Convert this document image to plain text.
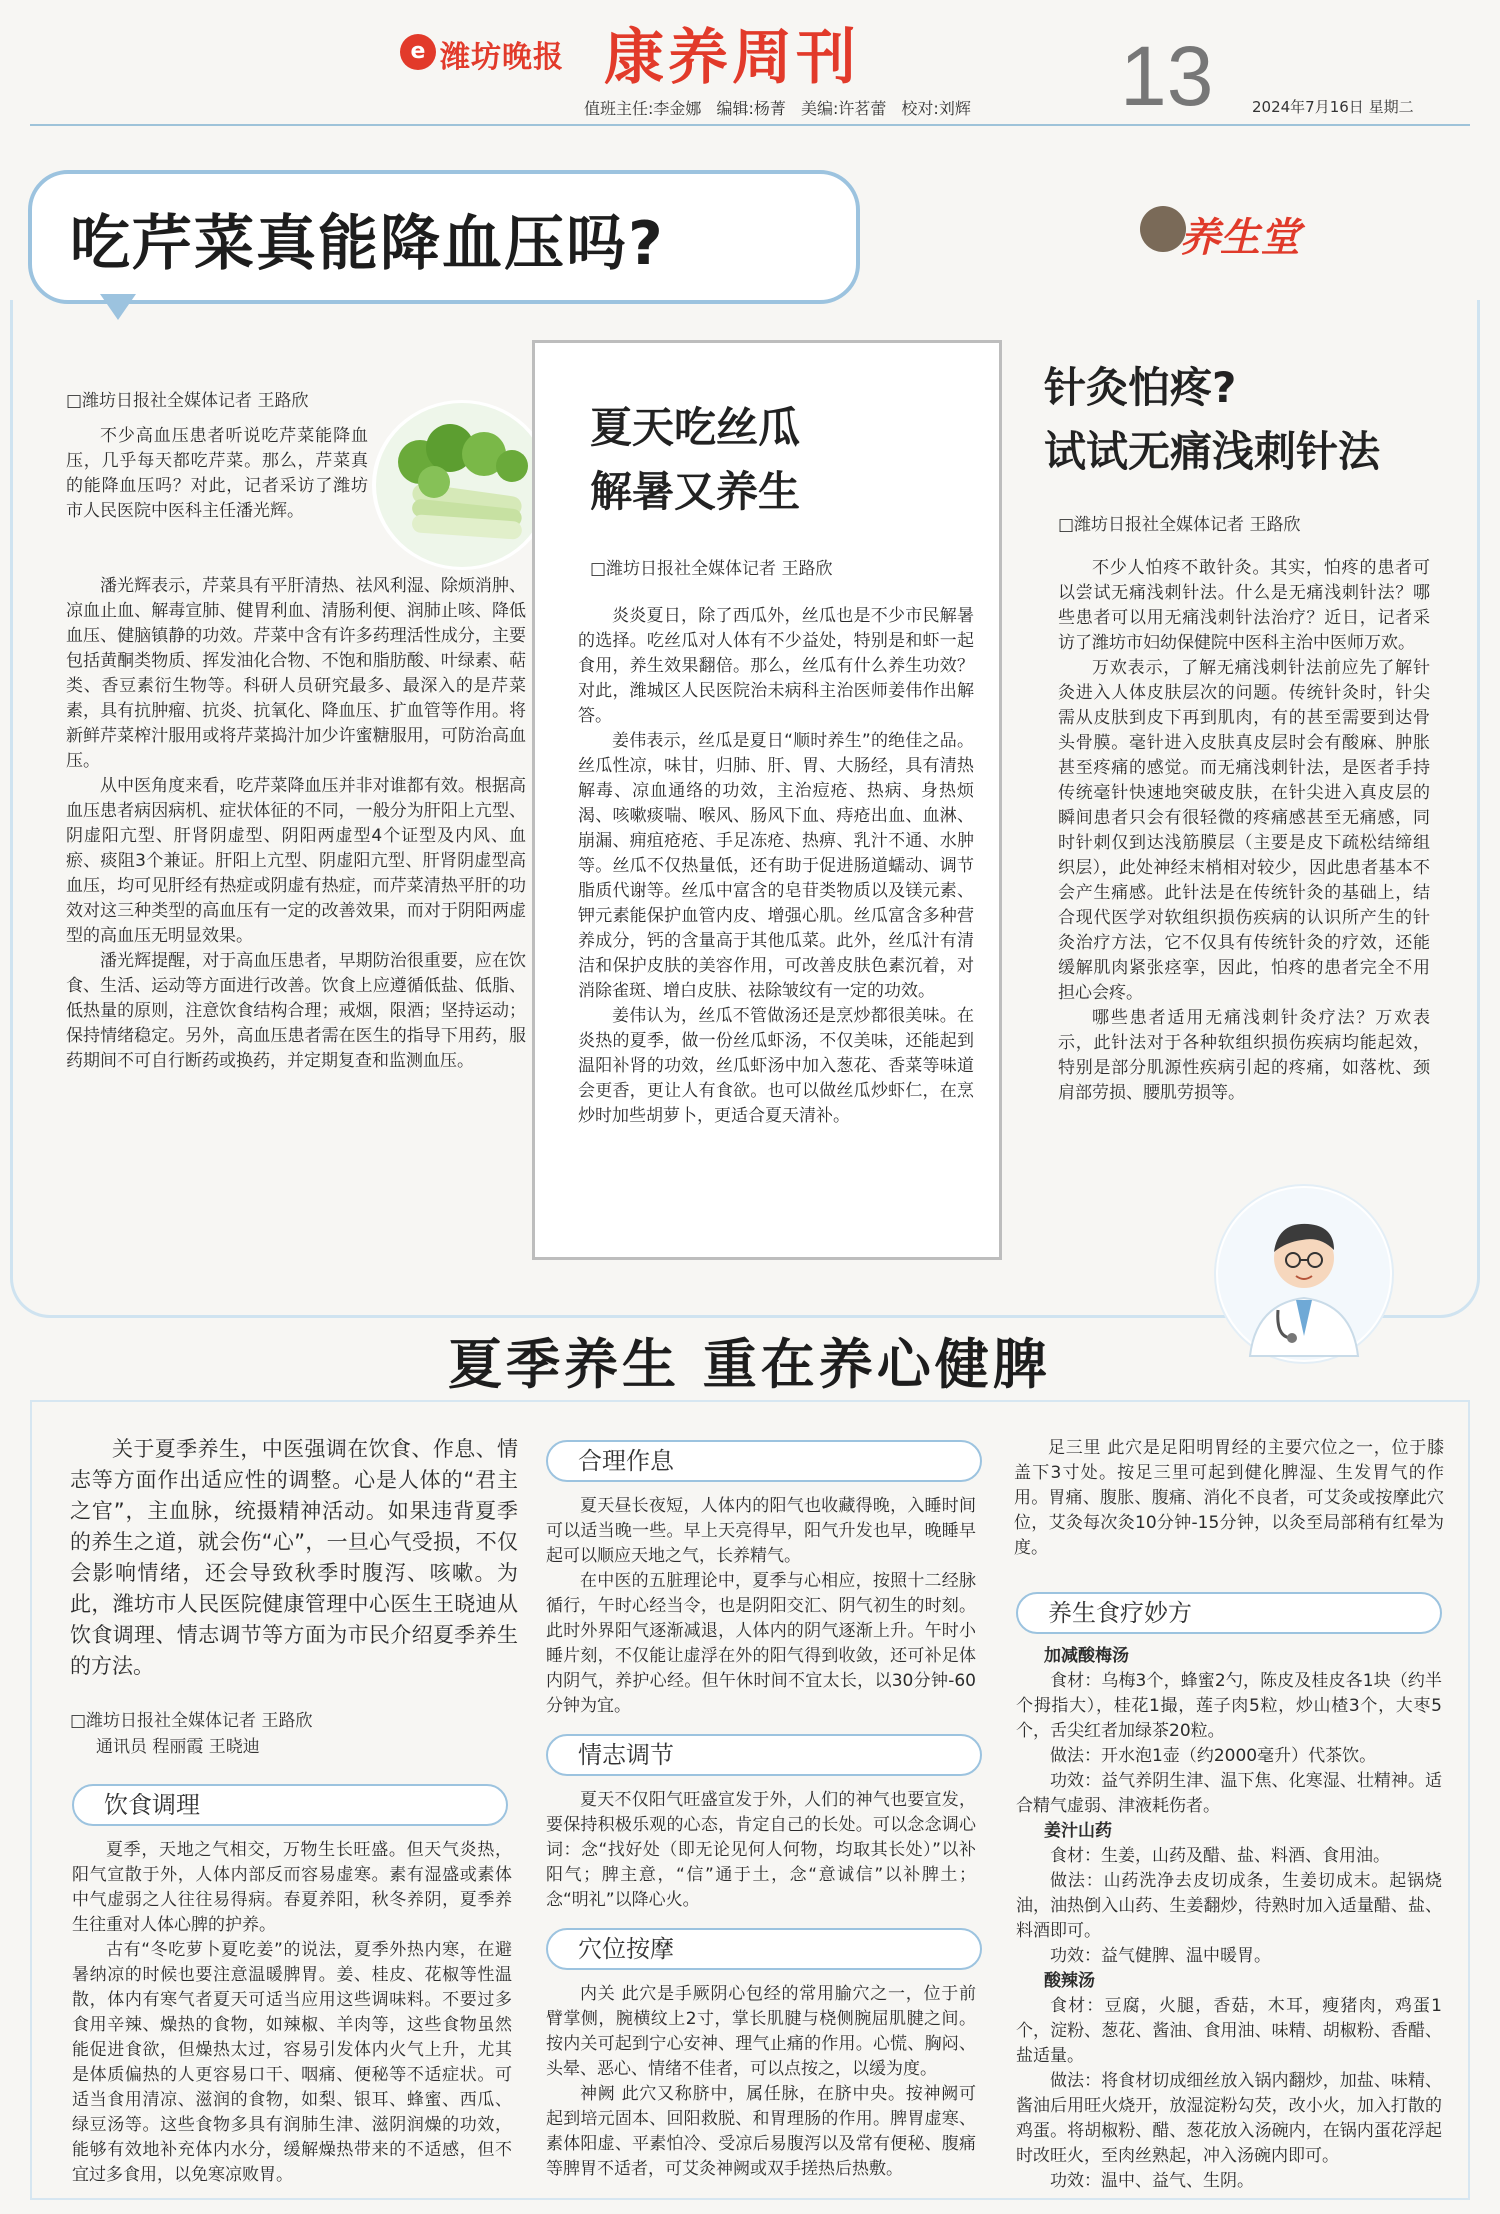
e 潍坊晚报 康养周刊	13
值班主任:李金娜 编辑:杨菁 美编:许茗蕾 校对:刘辉	2024年7月16日 星期二
吃芹菜真能降血压吗?	养生堂
□潍坊日报社全媒体记者 王路欣

不少高血压患者听说吃芹菜能降血压，几乎每天都吃芹菜。那么，芹菜真的能降血压吗？对此，记者采访了潍坊市人民医院中医科主任潘光辉。

潘光辉表示，芹菜具有平肝清热、祛风利湿、除烦消肿、凉血止血、解毒宣肺、健胃利血、清肠利便、润肺止咳、降低血压、健脑镇静的功效。芹菜中含有许多药理活性成分，主要包括黄酮类物质、挥发油化合物、不饱和脂肪酸、叶绿素、萜类、香豆素衍生物等。科研人员研究最多、最深入的是芹菜素，具有抗肿瘤、抗炎、抗氧化、降血压、扩血管等作用。将新鲜芹菜榨汁服用或将芹菜捣汁加少许蜜糖服用，可防治高血压。

从中医角度来看，吃芹菜降血压并非对谁都有效。根据高血压患者病因病机、症状体征的不同，一般分为肝阳上亢型、阴虚阳亢型、肝肾阴虚型、阴阳两虚型4个证型及内风、血瘀、痰阻3个兼证。肝阳上亢型、阴虚阳亢型、肝肾阴虚型高血压，均可见肝经有热症或阴虚有热症，而芹菜清热平肝的功效对这三种类型的高血压有一定的改善效果，而对于阴阳两虚型的高血压无明显效果。

潘光辉提醒，对于高血压患者，早期防治很重要，应在饮食、生活、运动等方面进行改善。饮食上应遵循低盐、低脂、低热量的原则，注意饮食结构合理；戒烟，限酒；坚持运动；保持情绪稳定。另外，高血压患者需在医生的指导下用药，服药期间不可自行断药或换药，并定期复查和监测血压。

夏天吃丝瓜
解暑又养生
□潍坊日报社全媒体记者 王路欣

炎炎夏日，除了西瓜外，丝瓜也是不少市民解暑的选择。吃丝瓜对人体有不少益处，特别是和虾一起食用，养生效果翻倍。那么，丝瓜有什么养生功效？对此，潍城区人民医院治未病科主治医师姜伟作出解答。

姜伟表示，丝瓜是夏日“顺时养生”的绝佳之品。丝瓜性凉，味甘，归肺、肝、胃、大肠经，具有清热解毒、凉血通络的功效，主治痘疮、热病、身热烦渴、咳嗽痰喘、喉风、肠风下血、痔疮出血、血淋、崩漏、痈疽疮疮、手足冻疮、热痹、乳汁不通、水肿等。丝瓜不仅热量低，还有助于促进肠道蠕动、调节脂质代谢等。丝瓜中富含的皂苷类物质以及镁元素、钾元素能保护血管内皮、增强心肌。丝瓜富含多种营养成分，钙的含量高于其他瓜菜。此外，丝瓜汁有清洁和保护皮肤的美容作用，可改善皮肤色素沉着，对消除雀斑、增白皮肤、祛除皱纹有一定的功效。

姜伟认为，丝瓜不管做汤还是烹炒都很美味。在炎热的夏季，做一份丝瓜虾汤，不仅美味，还能起到温阳补肾的功效，丝瓜虾汤中加入葱花、香菜等味道会更香，更让人有食欲。也可以做丝瓜炒虾仁，在烹炒时加些胡萝卜，更适合夏天清补。

针灸怕疼?
试试无痛浅刺针法
□潍坊日报社全媒体记者 王路欣

不少人怕疼不敢针灸。其实，怕疼的患者可以尝试无痛浅刺针法。什么是无痛浅刺针法？哪些患者可以用无痛浅刺针法治疗？近日，记者采访了潍坊市妇幼保健院中医科主治中医师万欢。

万欢表示，了解无痛浅刺针法前应先了解针灸进入人体皮肤层次的问题。传统针灸时，针尖需从皮肤到皮下再到肌肉，有的甚至需要到达骨头骨膜。毫针进入皮肤真皮层时会有酸麻、肿胀甚至疼痛的感觉。而无痛浅刺针法，是医者手持传统毫针快速地突破皮肤，在针尖进入真皮层的瞬间患者只会有很轻微的疼痛感甚至无痛感，同时针刺仅到达浅筋膜层（主要是皮下疏松结缔组织层），此处神经末梢相对较少，因此患者基本不会产生痛感。此针法是在传统针灸的基础上，结合现代医学对软组织损伤疾病的认识所产生的针灸治疗方法，它不仅具有传统针灸的疗效，还能缓解肌肉紧张痉挛，因此，怕疼的患者完全不用担心会疼。

哪些患者适用无痛浅刺针灸疗法？万欢表示，此针法对于各种软组织损伤疾病均能起效，特别是部分肌源性疾病引起的疼痛，如落枕、颈肩部劳损、腰肌劳损等。

夏季养生 重在养心健脾
关于夏季养生，中医强调在饮食、作息、情志等方面作出适应性的调整。心是人体的“君主之官”，主血脉，统摄精神活动。如果违背夏季的养生之道，就会伤“心”，一旦心气受损，不仅会影响情绪，还会导致秋季时腹泻、咳嗽。为此，潍坊市人民医院健康管理中心医生王晓迪从饮食调理、情志调节等方面为市民介绍夏季养生的方法。
□潍坊日报社全媒体记者 王路欣
通讯员 程丽霞 王晓迪
饮食调理

夏季，天地之气相交，万物生长旺盛。但天气炎热，阳气宣散于外，人体内部反而容易虚寒。素有湿盛或素体中气虚弱之人往往易得病。春夏养阳，秋冬养阴，夏季养生往重对人体心脾的护养。

古有“冬吃萝卜夏吃姜”的说法，夏季外热内寒，在避暑纳凉的时候也要注意温暖脾胃。姜、桂皮、花椒等性温散，体内有寒气者夏天可适当应用这些调味料。不要过多食用辛辣、燥热的食物，如辣椒、羊肉等，这些食物虽然能促进食欲，但燥热太过，容易引发体内火气上升，尤其是体质偏热的人更容易口干、咽痛、便秘等不适症状。可适当食用清凉、滋润的食物，如梨、银耳、蜂蜜、西瓜、绿豆汤等。这些食物多具有润肺生津、滋阴润燥的功效，能够有效地补充体内水分，缓解燥热带来的不适感，但不宜过多食用，以免寒凉败胃。

合理作息

夏天昼长夜短，人体内的阳气也收藏得晚，入睡时间可以适当晚一些。早上天亮得早，阳气升发也早，晚睡早起可以顺应天地之气，长养精气。

在中医的五脏理论中，夏季与心相应，按照十二经脉循行，午时心经当令，也是阴阳交汇、阴气初生的时刻。此时外界阳气逐渐减退，人体内的阴气逐渐上升。午时小睡片刻，不仅能让虚浮在外的阳气得到收敛，还可补足体内阴气，养护心经。但午休时间不宜太长，以30分钟-60分钟为宜。

情志调节

夏天不仅阳气旺盛宣发于外，人们的神气也要宣发，要保持积极乐观的心态，肯定自己的长处。可以念念调心词：念“找好处（即无论见何人何物，均取其长处）”以补阳气；脾主意，“信”通于土，念“意诚信”以补脾土；念“明礼”以降心火。

穴位按摩

内关 此穴是手厥阴心包经的常用腧穴之一，位于前臂掌侧，腕横纹上2寸，掌长肌腱与桡侧腕屈肌腱之间。按内关可起到宁心安神、理气止痛的作用。心慌、胸闷、头晕、恶心、情绪不佳者，可以点按之，以缓为度。

神阙 此穴又称脐中，属任脉，在脐中央。按神阙可起到培元固本、回阳救脱、和胃理肠的作用。脾胃虚寒、素体阳虚、平素怕冷、受凉后易腹泻以及常有便秘、腹痛等脾胃不适者，可艾灸神阙或双手搓热后热敷。

足三里 此穴是足阳明胃经的主要穴位之一，位于膝盖下3寸处。按足三里可起到健化脾湿、生发胃气的作用。胃痛、腹胀、腹痛、消化不良者，可艾灸或按摩此穴位，艾灸每次灸10分钟-15分钟，以灸至局部稍有红晕为度。

养生食疗妙方

加减酸梅汤

食材：乌梅3个，蜂蜜2勺，陈皮及桂皮各1块（约半个拇指大），桂花1撮，莲子肉5粒，炒山楂3个，大枣5个，舌尖红者加绿茶20粒。

做法：开水泡1壶（约2000毫升）代茶饮。

功效：益气养阴生津、温下焦、化寒湿、壮精神。适合精气虚弱、津液耗伤者。

姜汁山药

食材：生姜，山药及醋、盐、料酒、食用油。

做法：山药洗净去皮切成条，生姜切成末。起锅烧油，油热倒入山药、生姜翻炒，待熟时加入适量醋、盐、料酒即可。

功效：益气健脾、温中暖胃。

酸辣汤

食材：豆腐，火腿，香菇，木耳，瘦猪肉，鸡蛋1个，淀粉、葱花、酱油、食用油、味精、胡椒粉、香醋、盐适量。

做法：将食材切成细丝放入锅内翻炒，加盐、味精、酱油后用旺火烧开，放湿淀粉勾芡，改小火，加入打散的鸡蛋。将胡椒粉、醋、葱花放入汤碗内，在锅内蛋花浮起时改旺火，至肉丝熟起，冲入汤碗内即可。

功效：温中、益气、生阴。
